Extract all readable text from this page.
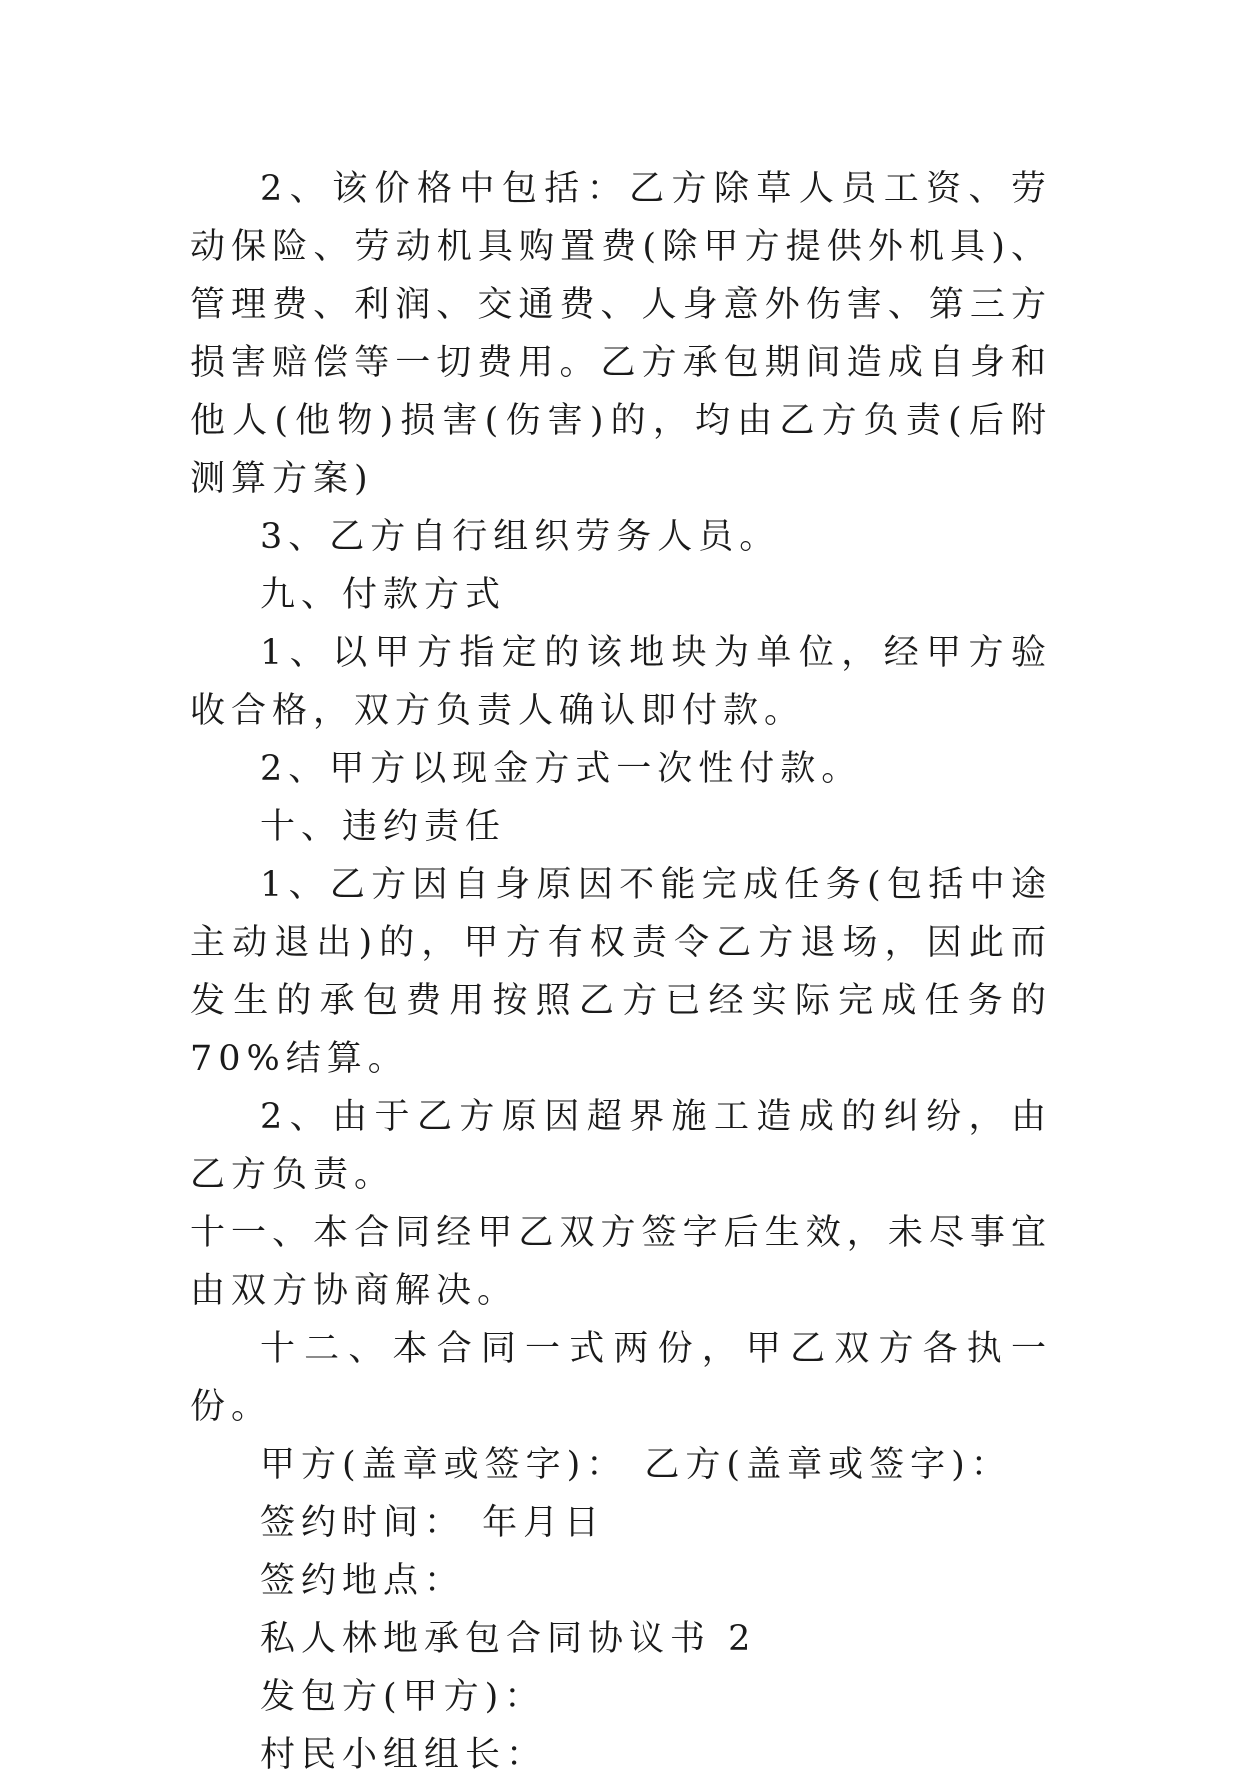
2、该价格中包括：乙方除草人员工资、劳动保险、劳动机具购置费(除甲方提供外机具)、管理费、利润、交通费、人身意外伤害、第三方损害赔偿等一切费用。乙方承包期间造成自身和他人(他物)损害(伤害)的，均由乙方负责(后附测算方案)

3、乙方自行组织劳务人员。

九、付款方式

1、以甲方指定的该地块为单位，经甲方验收合格，双方负责人确认即付款。

2、甲方以现金方式一次性付款。

十、违约责任

1、乙方因自身原因不能完成任务(包括中途主动退出)的，甲方有权责令乙方退场，因此而发生的承包费用按照乙方已经实际完成任务的 70%结算。

2、由于乙方原因超界施工造成的纠纷，由乙方负责。

十一、本合同经甲乙双方签字后生效，未尽事宜由双方协商解决。

十二、本合同一式两份，甲乙双方各执一份。

甲方(盖章或签字)： 乙方(盖章或签字)：

签约时间： 年月日

签约地点：

私人林地承包合同协议书 2

发包方(甲方)：

村民小组组长：
